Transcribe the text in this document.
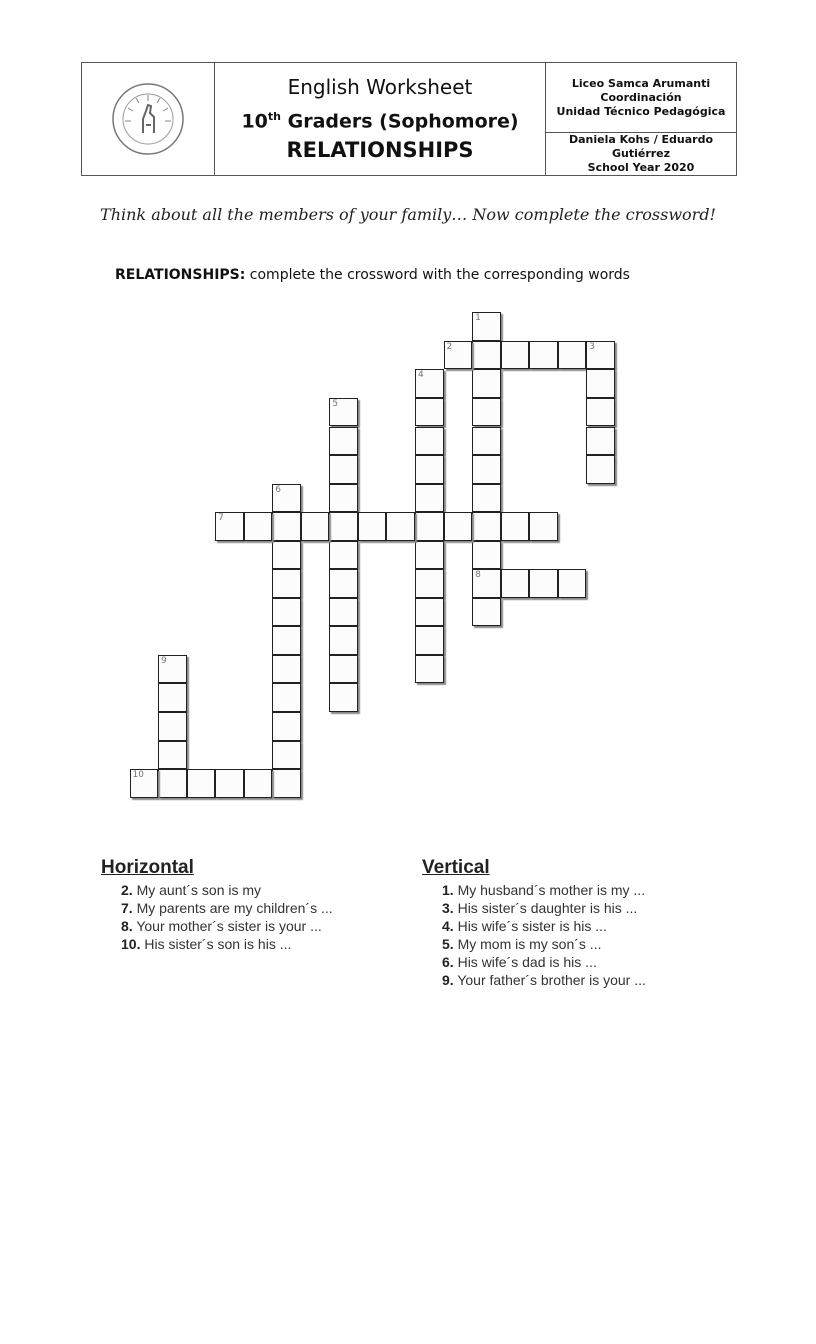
English Worksheet
10th Graders (Sophomore)
RELATIONSHIPS
Liceo Samca Arumanti
Coordinación
Unidad Técnico Pedagógica
Daniela Kohs / Eduardo Gutiérrez
School Year 2020
Think about all the members of your family… Now complete the crossword!
RELATIONSHIPS: complete the crossword with the corresponding words
1
8
2	3
4
5
6
7
9
10
Horizontal
2. My aunt´s son is my
7. My parents are my children´s ...
8. Your mother´s sister is your ...
10. His sister´s son is his ...
Vertical
1. My husband´s mother is my ...
3. His sister´s daughter is his ...
4. His wife´s sister is his ...
5. My mom is my son´s ...
6. His wife´s dad is his ...
9. Your father´s brother is your ...
